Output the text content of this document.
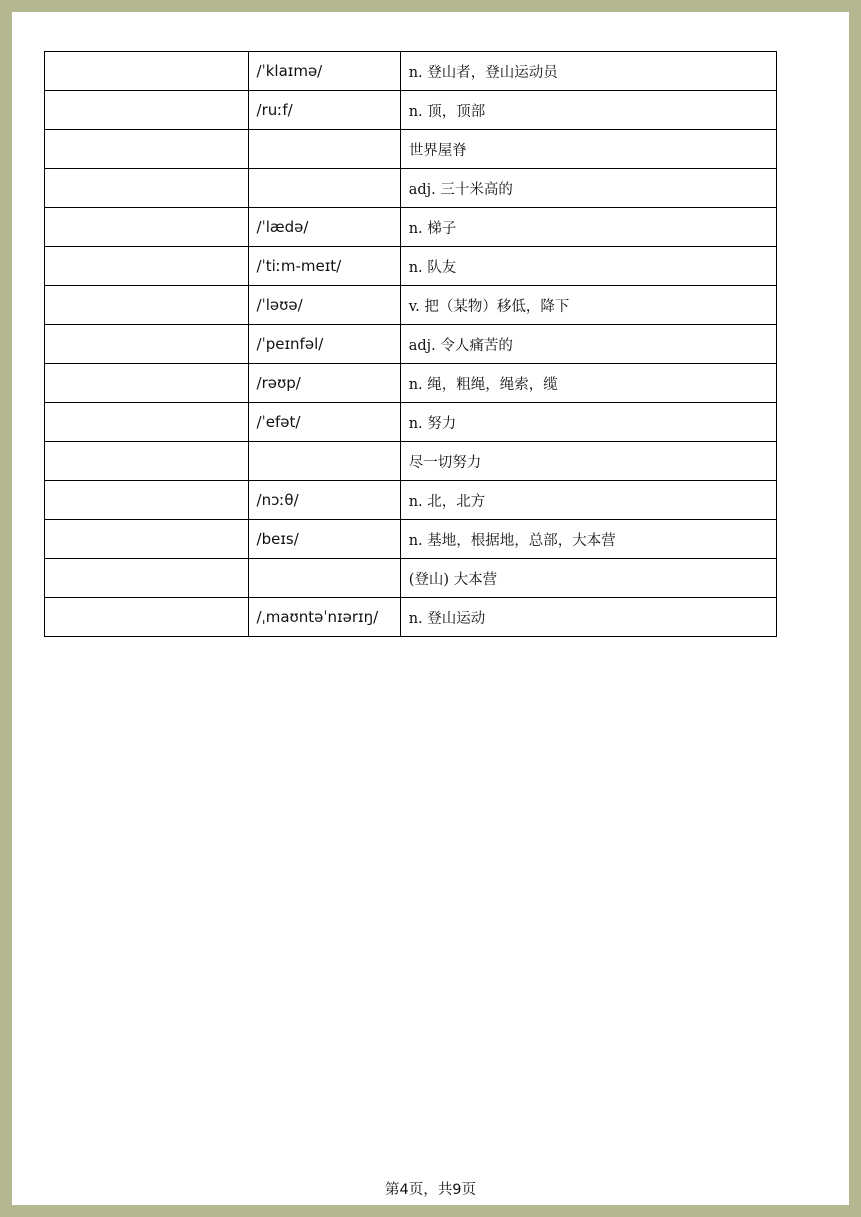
	/ˈklaɪmə/	n. 登山者，登山运动员
	/ruːf/	n. 顶，顶部
		世界屋脊
		adj. 三十米高的
	/ˈlædə/	n. 梯子
	/ˈtiːm-meɪt/	n. 队友
	/ˈləʊə/	v. 把（某物）移低，降下
	/ˈpeɪnfəl/	adj. 令人痛苦的
	/rəʊp/	n. 绳，粗绳，绳索，缆
	/ˈefət/	n. 努力
		尽一切努力
	/nɔːθ/	n. 北，北方
	/beɪs/	n. 基地，根据地，总部，大本营
		(登山) 大本营
	/ˌmaʊntəˈnɪərɪŋ/	n. 登山运动
第4页，共9页
